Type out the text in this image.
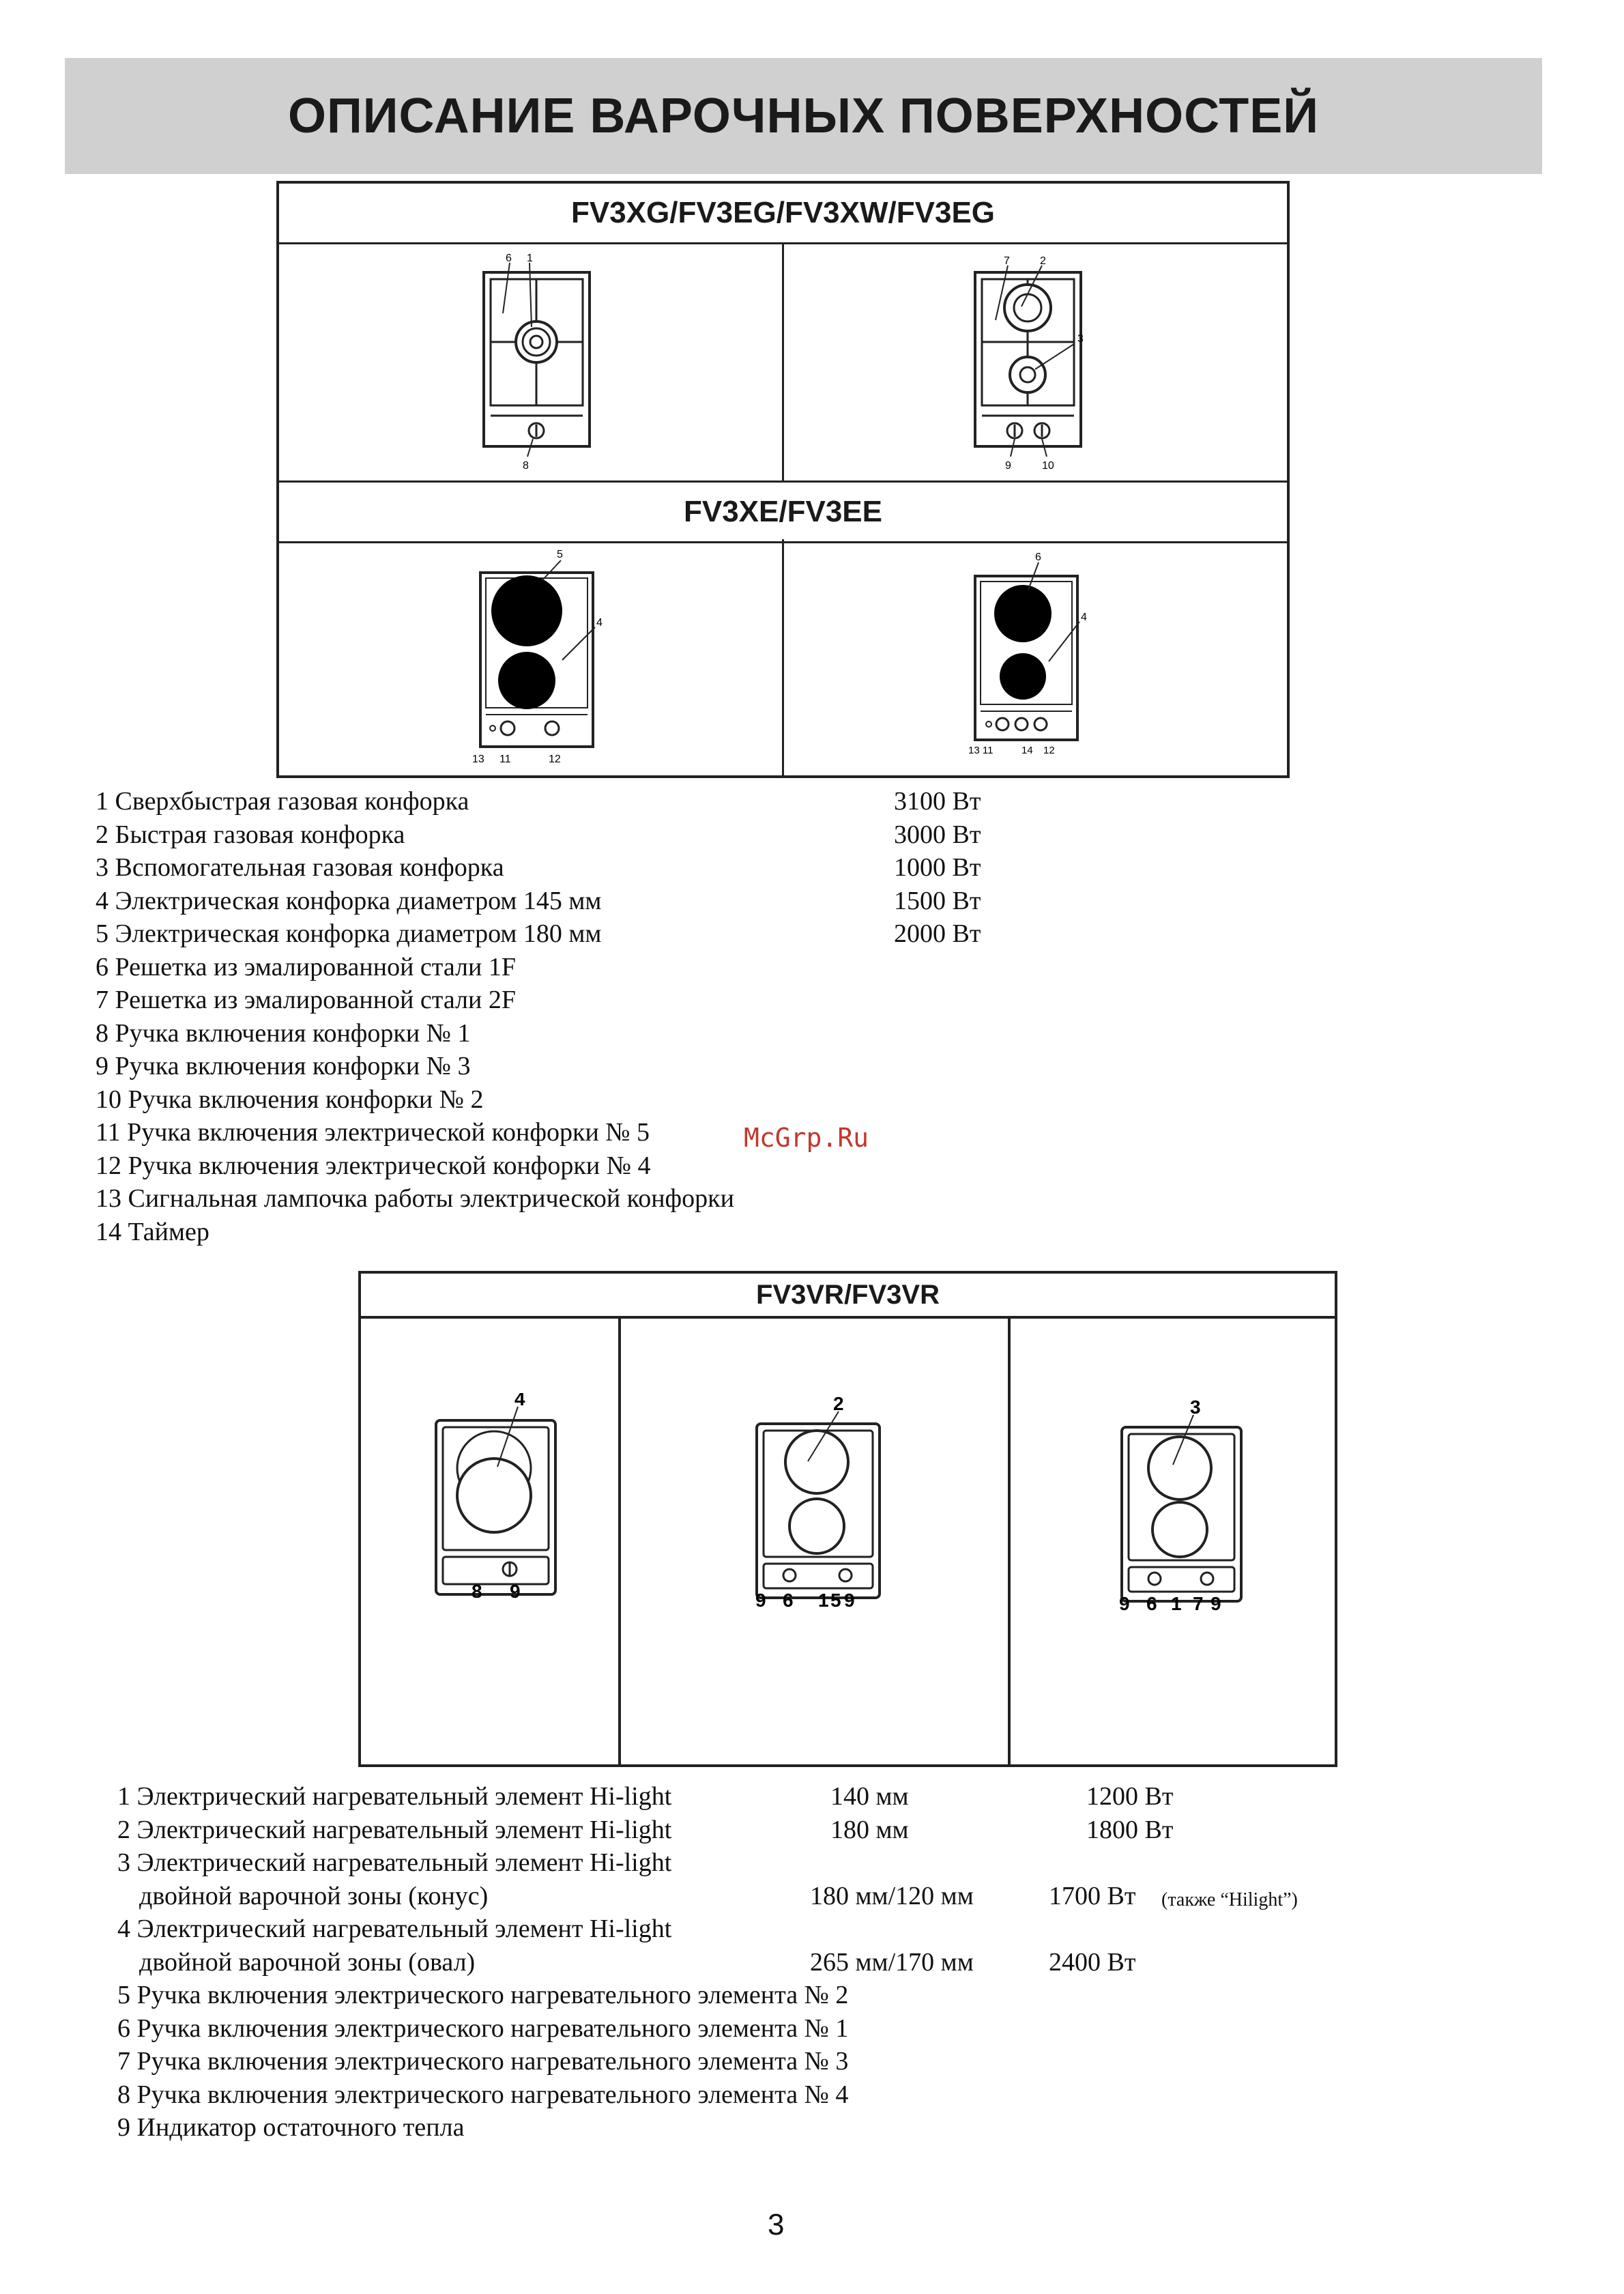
ОПИСАНИЕ ВАРОЧНЫХ ПОВЕРХНОСТЕЙ
FV3XG/FV3EG/FV3XW/FV3EG
FV3XE/FV3EE
6 1
8
7	2
3
9	10
5
4
13 11	12
6
4
13 11	14 12
1 Сверхбыстрая газовая конфорка	3100 Вт
2 Быстрая газовая конфорка	3000 Вт
3 Вспомогательная газовая конфорка	1000 Вт
4 Электрическая конфорка диаметром 145 мм	1500 Вт
5 Электрическая конфорка диаметром 180 мм	2000 Вт
6 Решетка из эмалированной стали 1F
7 Решетка из эмалированной стали 2F
8 Ручка включения конфорки № 1
9 Ручка включения конфорки № 3
10 Ручка включения конфорки № 2
11 Ручка включения электрической конфорки № 5
12 Ручка включения электрической конфорки № 4
13 Сигнальная лампочка работы электрической конфорки
14 Таймер
McGrp.Ru
FV3VR/FV3VR
4
8 9
2
9 6 1 5 9
3
9 6 1 7 9
1 Электрический нагревательный элемент Hi-light	140 мм	1200 Вт
2 Электрический нагревательный элемент Hi-light	180 мм	1800 Вт
3 Электрический нагревательный элемент Hi-light
двойной варочной зоны (конус)	180 мм/120 мм	1700 Вт (также “Hilight”)
4 Электрический нагревательный элемент Hi-light
двойной варочной зоны (овал)	265 мм/170 мм	2400 Вт
5 Ручка включения электрического нагревательного элемента № 2
6 Ручка включения электрического нагревательного элемента № 1
7 Ручка включения электрического нагревательного элемента № 3
8 Ручка включения электрического нагревательного элемента № 4
9 Индикатор остаточного тепла
3
